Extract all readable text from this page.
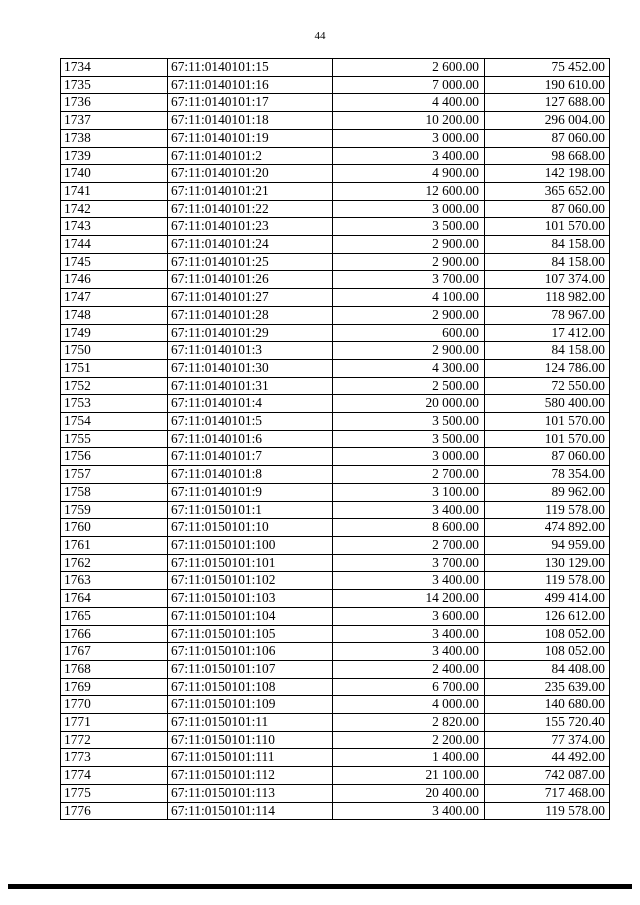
44
1734	67:11:0140101:15	2 600.00	75 452.00
1735	67:11:0140101:16	7 000.00	190 610.00
1736	67:11:0140101:17	4 400.00	127 688.00
1737	67:11:0140101:18	10 200.00	296 004.00
1738	67:11:0140101:19	3 000.00	87 060.00
1739	67:11:0140101:2	3 400.00	98 668.00
1740	67:11:0140101:20	4 900.00	142 198.00
1741	67:11:0140101:21	12 600.00	365 652.00
1742	67:11:0140101:22	3 000.00	87 060.00
1743	67:11:0140101:23	3 500.00	101 570.00
1744	67:11:0140101:24	2 900.00	84 158.00
1745	67:11:0140101:25	2 900.00	84 158.00
1746	67:11:0140101:26	3 700.00	107 374.00
1747	67:11:0140101:27	4 100.00	118 982.00
1748	67:11:0140101:28	2 900.00	78 967.00
1749	67:11:0140101:29	600.00	17 412.00
1750	67:11:0140101:3	2 900.00	84 158.00
1751	67:11:0140101:30	4 300.00	124 786.00
1752	67:11:0140101:31	2 500.00	72 550.00
1753	67:11:0140101:4	20 000.00	580 400.00
1754	67:11:0140101:5	3 500.00	101 570.00
1755	67:11:0140101:6	3 500.00	101 570.00
1756	67:11:0140101:7	3 000.00	87 060.00
1757	67:11:0140101:8	2 700.00	78 354.00
1758	67:11:0140101:9	3 100.00	89 962.00
1759	67:11:0150101:1	3 400.00	119 578.00
1760	67:11:0150101:10	8 600.00	474 892.00
1761	67:11:0150101:100	2 700.00	94 959.00
1762	67:11:0150101:101	3 700.00	130 129.00
1763	67:11:0150101:102	3 400.00	119 578.00
1764	67:11:0150101:103	14 200.00	499 414.00
1765	67:11:0150101:104	3 600.00	126 612.00
1766	67:11:0150101:105	3 400.00	108 052.00
1767	67:11:0150101:106	3 400.00	108 052.00
1768	67:11:0150101:107	2 400.00	84 408.00
1769	67:11:0150101:108	6 700.00	235 639.00
1770	67:11:0150101:109	4 000.00	140 680.00
1771	67:11:0150101:11	2 820.00	155 720.40
1772	67:11:0150101:110	2 200.00	77 374.00
1773	67:11:0150101:111	1 400.00	44 492.00
1774	67:11:0150101:112	21 100.00	742 087.00
1775	67:11:0150101:113	20 400.00	717 468.00
1776	67:11:0150101:114	3 400.00	119 578.00
